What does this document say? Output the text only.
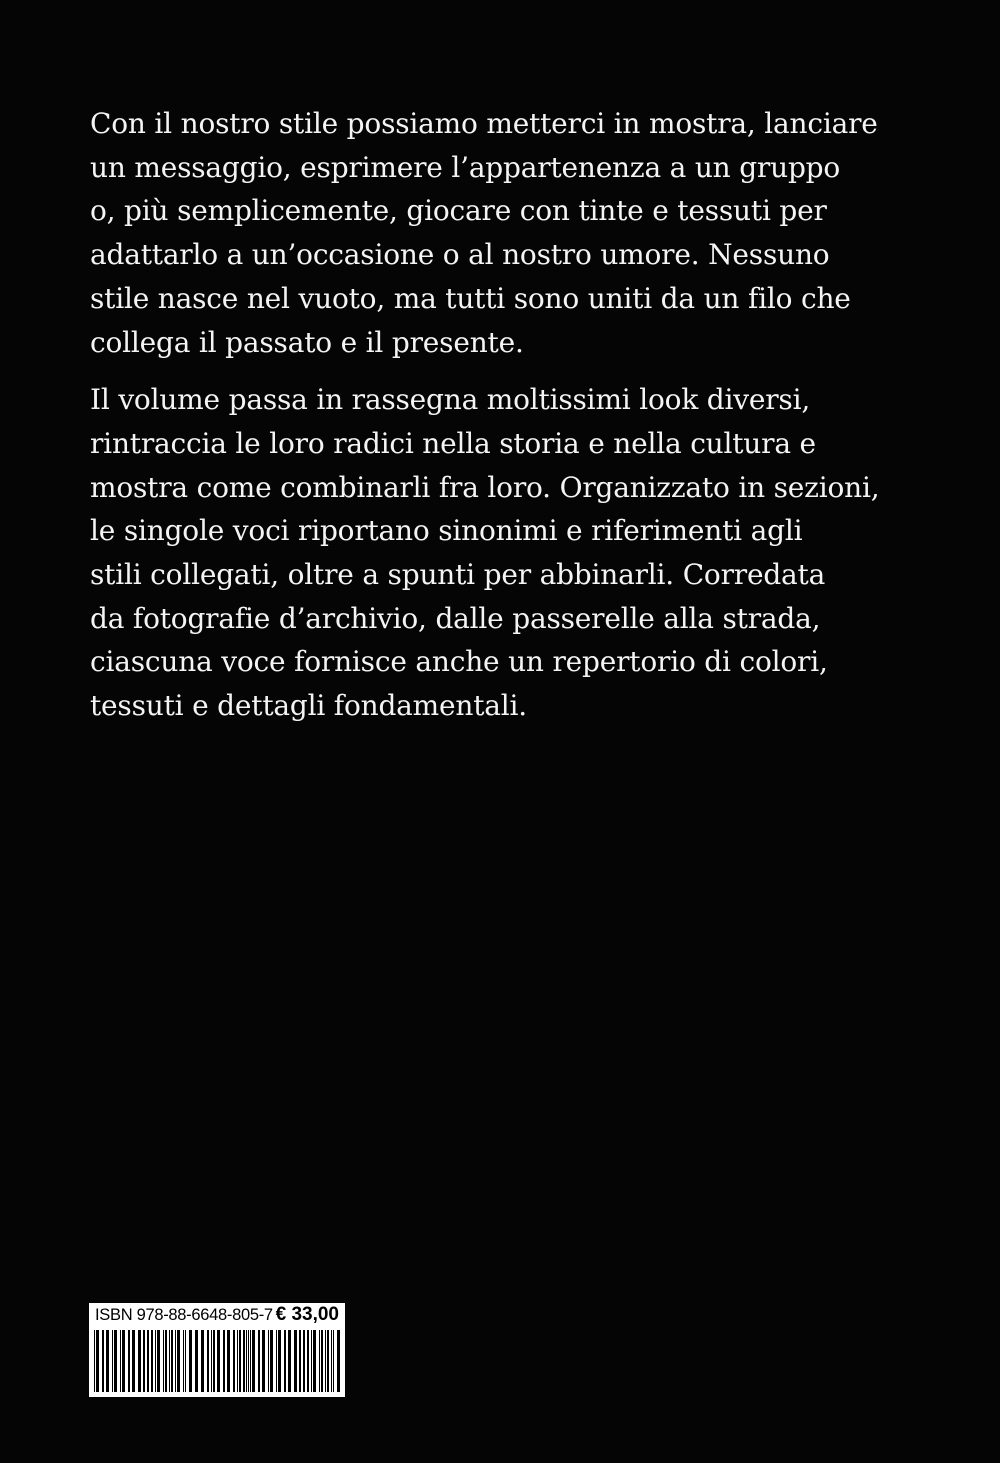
Con il nostro stile possiamo metterci in mostra, lanciare
un messaggio, esprimere l’appartenenza a un gruppo
o, più semplicemente, giocare con tinte e tessuti per
adattarlo a un’occasione o al nostro umore. Nessuno
stile nasce nel vuoto, ma tutti sono uniti da un filo che
collega il passato e il presente.

Il volume passa in rassegna moltissimi look diversi,
rintraccia le loro radici nella storia e nella cultura e
mostra come combinarli fra loro. Organizzato in sezioni,
le singole voci riportano sinonimi e riferimenti agli
stili collegati, oltre a spunti per abbinarli. Corredata
da fotografie d’archivio, dalle passerelle alla strada,
ciascuna voce fornisce anche un repertorio di colori,
tessuti e dettagli fondamentali.

ISBN 978-88-6648-805-7 € 33,00
